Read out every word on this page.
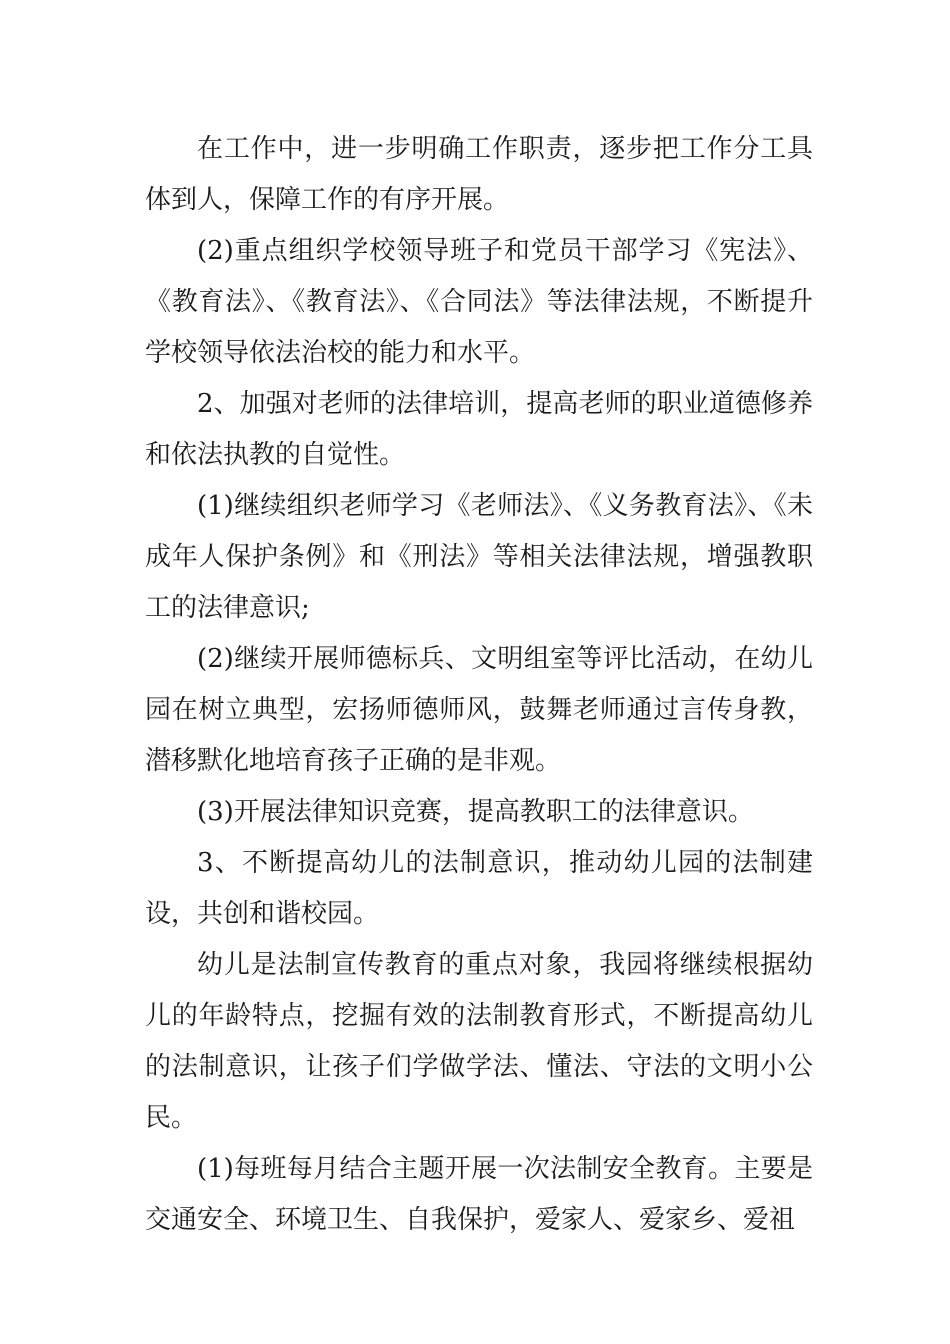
在工作中，进一步明确工作职责，逐步把工作分工具体到人，保障工作的有序开展。

(2)重点组织学校领导班子和党员干部学习《宪法》、《教育法》、《教育法》、《合同法》等法律法规，不断提升学校领导依法治校的能力和水平。

2、加强对老师的法律培训，提高老师的职业道德修养和依法执教的自觉性。

(1)继续组织老师学习《老师法》、《义务教育法》、《未成年人保护条例》和《刑法》等相关法律法规，增强教职工的法律意识;

(2)继续开展师德标兵、文明组室等评比活动，在幼儿园在树立典型，宏扬师德师风，鼓舞老师通过言传身教，潜移默化地培育孩子正确的是非观。

(3)开展法律知识竞赛，提高教职工的法律意识。

3、不断提高幼儿的法制意识，推动幼儿园的法制建设，共创和谐校园。

幼儿是法制宣传教育的重点对象，我园将继续根据幼儿的年龄特点，挖掘有效的法制教育形式，不断提高幼儿的法制意识，让孩子们学做学法、懂法、守法的文明小公民。

(1)每班每月结合主题开展一次法制安全教育。主要是交通安全、环境卫生、自我保护，爱家人、爱家乡、爱祖
